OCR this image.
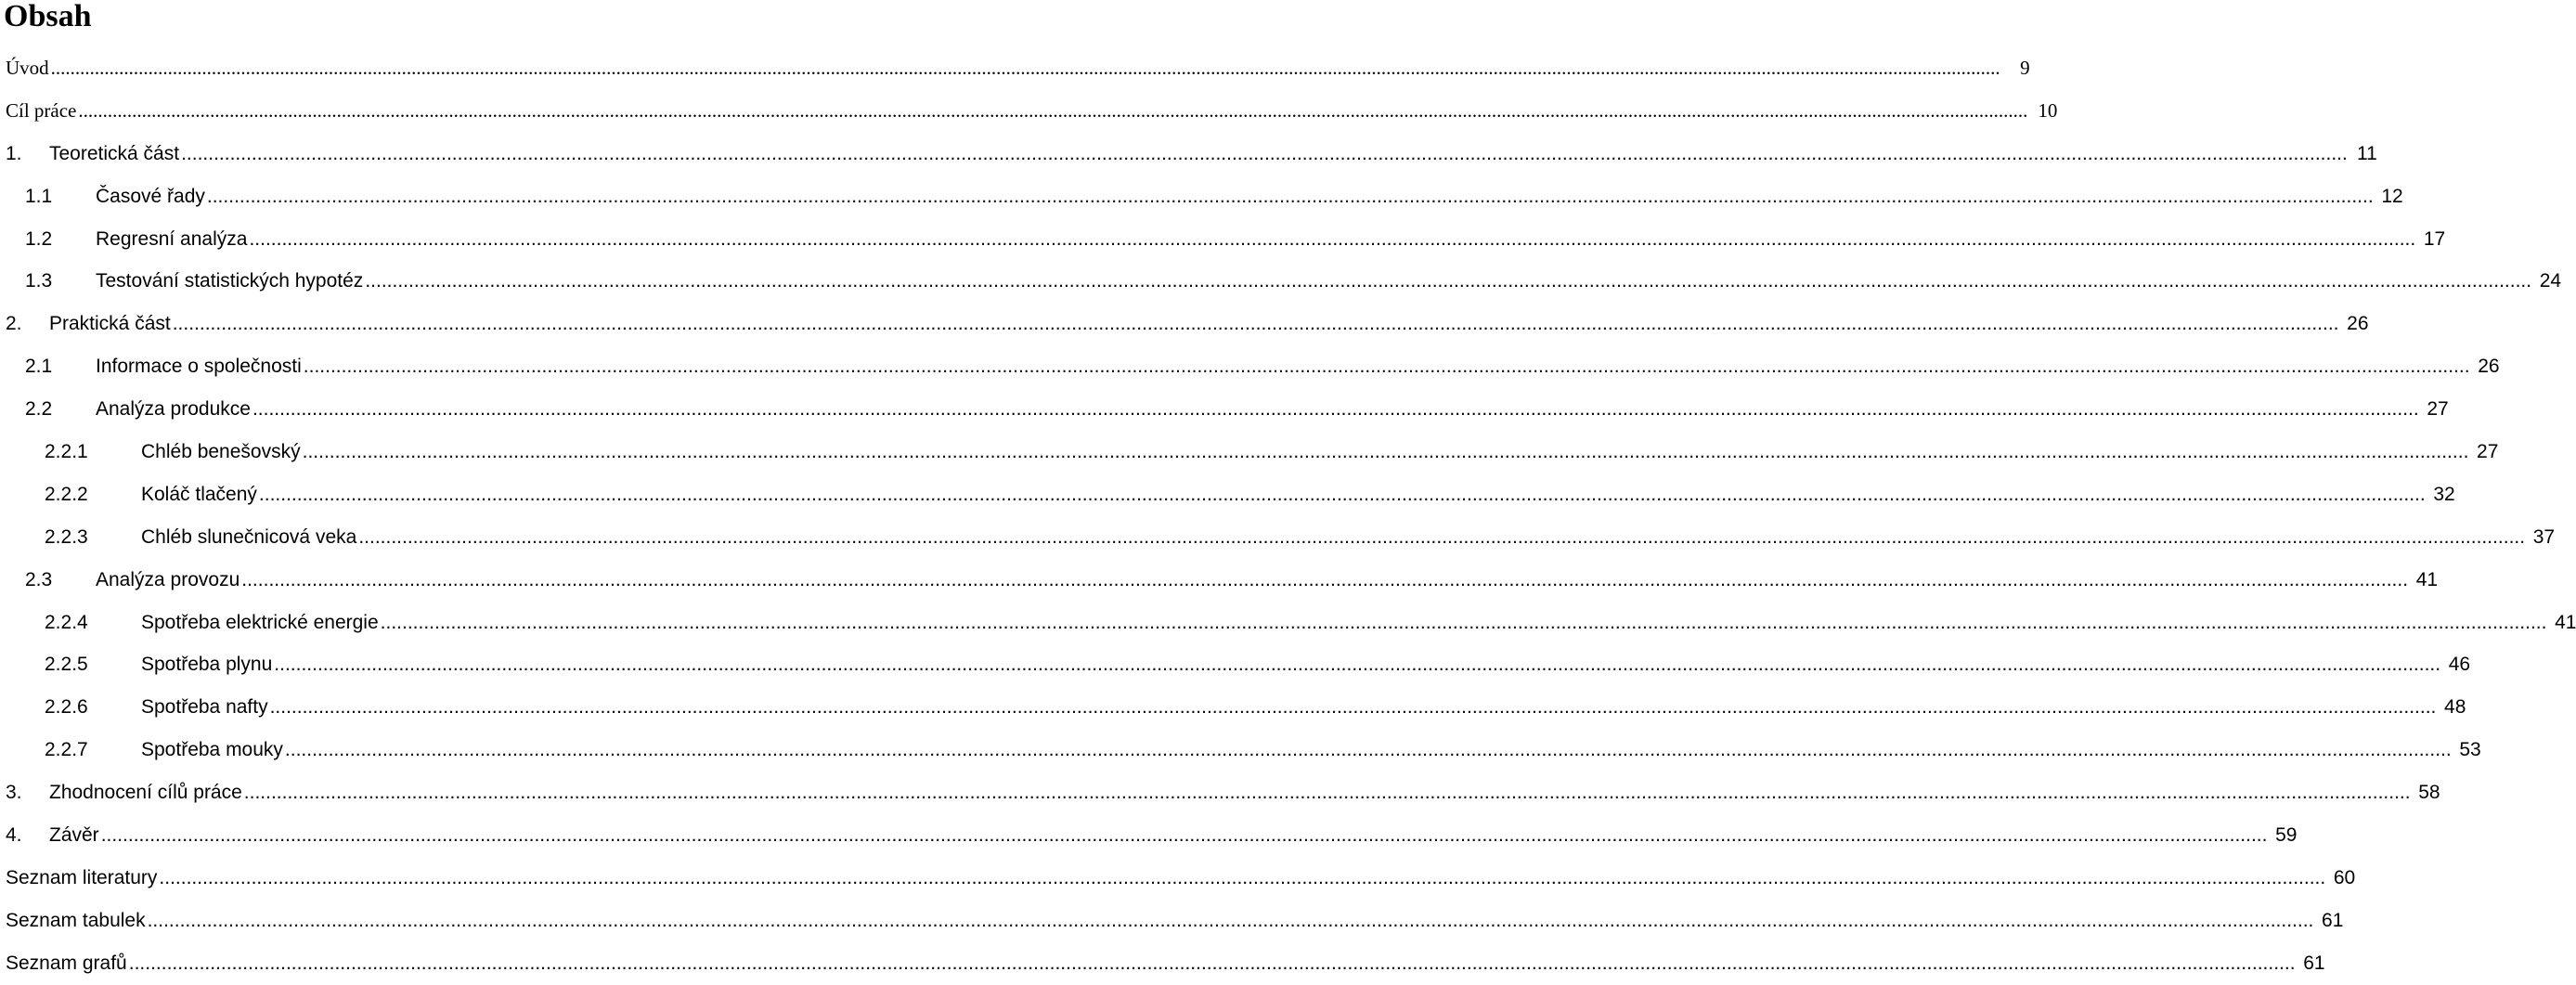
Obsah
Úvod ................................................................................................................................................................................................................................................................................................................................................................................................................	9
Cíl práce ................................................................................................................................................................................................................................................................................................................................................................................................................ 10
1.	Teoretická část ................................................................................................................................................................................................................................................................................................................................................................................................................ 11
1.1	Časové řady ................................................................................................................................................................................................................................................................................................................................................................................................................ 12
1.2	Regresní analýza ................................................................................................................................................................................................................................................................................................................................................................................................................ 17
1.3	Testování statistických hypotéz ................................................................................................................................................................................................................................................................................................................................................................................................................ 24
2.	Praktická část ................................................................................................................................................................................................................................................................................................................................................................................................................ 26
2.1	Informace o společnosti ................................................................................................................................................................................................................................................................................................................................................................................................................ 26
2.2	Analýza produkce ................................................................................................................................................................................................................................................................................................................................................................................................................ 27
2.2.1	Chléb benešovský ................................................................................................................................................................................................................................................................................................................................................................................................................ 27
2.2.2	Koláč tlačený ................................................................................................................................................................................................................................................................................................................................................................................................................ 32
2.2.3	Chléb slunečnicová veka ................................................................................................................................................................................................................................................................................................................................................................................................................ 37
2.3	Analýza provozu ................................................................................................................................................................................................................................................................................................................................................................................................................ 41
2.2.4	Spotřeba elektrické energie ................................................................................................................................................................................................................................................................................................................................................................................................................ 41
2.2.5	Spotřeba plynu ................................................................................................................................................................................................................................................................................................................................................................................................................ 46
2.2.6	Spotřeba nafty ................................................................................................................................................................................................................................................................................................................................................................................................................ 48
2.2.7	Spotřeba mouky ................................................................................................................................................................................................................................................................................................................................................................................................................ 53
3.	Zhodnocení cílů práce ................................................................................................................................................................................................................................................................................................................................................................................................................ 58
4.	Závěr ................................................................................................................................................................................................................................................................................................................................................................................................................ 59
Seznam literatury ................................................................................................................................................................................................................................................................................................................................................................................................................ 60
Seznam tabulek ................................................................................................................................................................................................................................................................................................................................................................................................................ 61
Seznam grafů ................................................................................................................................................................................................................................................................................................................................................................................................................ 61
